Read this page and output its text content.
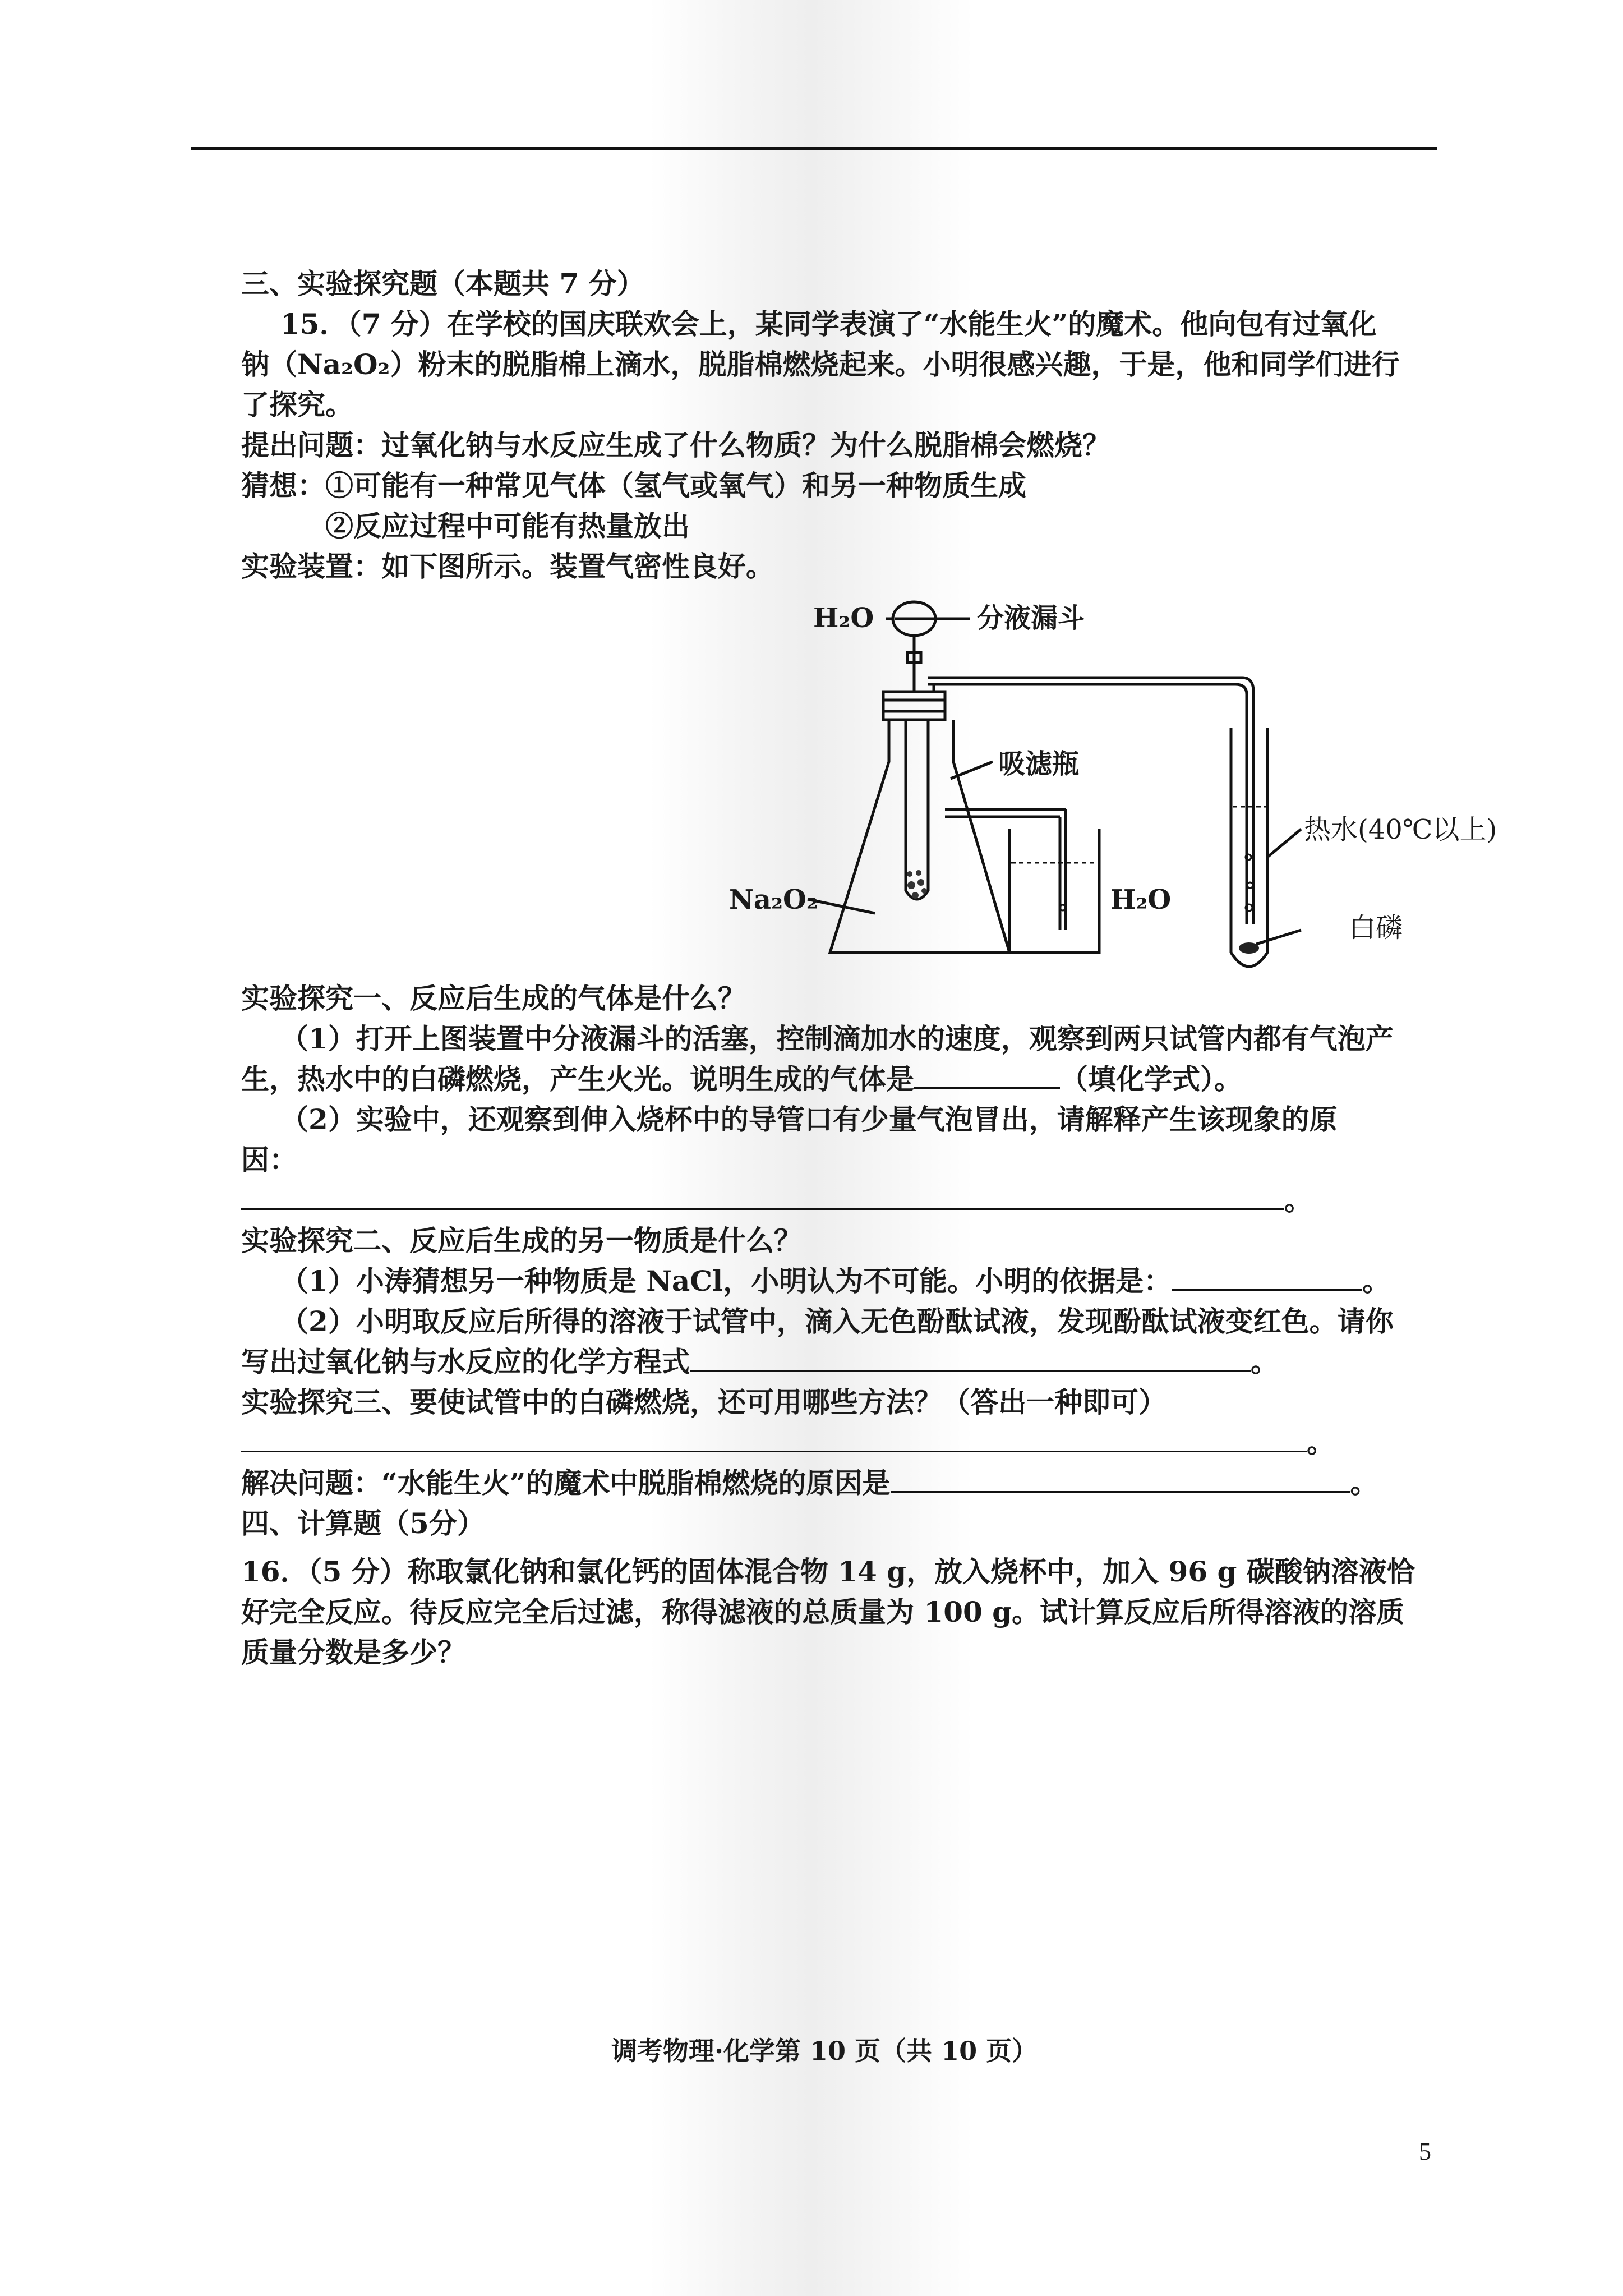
三、实验探究题（本题共 7 分）
15．（7 分）在学校的国庆联欢会上，某同学表演了“水能生火”的魔术。他向包有过氧化
钠（Na₂O₂）粉末的脱脂棉上滴水，脱脂棉燃烧起来。小明很感兴趣，于是，他和同学们进行
了探究。
提出问题：过氧化钠与水反应生成了什么物质？为什么脱脂棉会燃烧？
猜想：①可能有一种常见气体（氢气或氧气）和另一种物质生成
②反应过程中可能有热量放出
实验装置：如下图所示。装置气密性良好。
H₂O	分液漏斗
吸滤瓶
Na₂O₂	H₂O
热水(40℃以上)
白磷
实验探究一、反应后生成的气体是什么？
（1）打开上图装置中分液漏斗的活塞，控制滴加水的速度，观察到两只试管内都有气泡产
生，热水中的白磷燃烧，产生火光。说明生成的气体是	（填化学式）。
（2）实验中，还观察到伸入烧杯中的导管口有少量气泡冒出，请解释产生该现象的原
因：
。
实验探究二、反应后生成的另一物质是什么？
（1）小涛猜想另一种物质是 NaCl，小明认为不可能。小明的依据是：	。
（2）小明取反应后所得的溶液于试管中，滴入无色酚酞试液，发现酚酞试液变红色。请你
写出过氧化钠与水反应的化学方程式	。
实验探究三、要使试管中的白磷燃烧，还可用哪些方法？（答出一种即可）
。
解决问题：“水能生火”的魔术中脱脂棉燃烧的原因是	。
四、计算题（5分）
16．（5 分）称取氯化钠和氯化钙的固体混合物 14 g，放入烧杯中，加入 96 g 碳酸钠溶液恰
好完全反应。待反应完全后过滤，称得滤液的总质量为 100 g。试计算反应后所得溶液的溶质
质量分数是多少？
调考物理·化学第 10 页（共 10 页）
5
